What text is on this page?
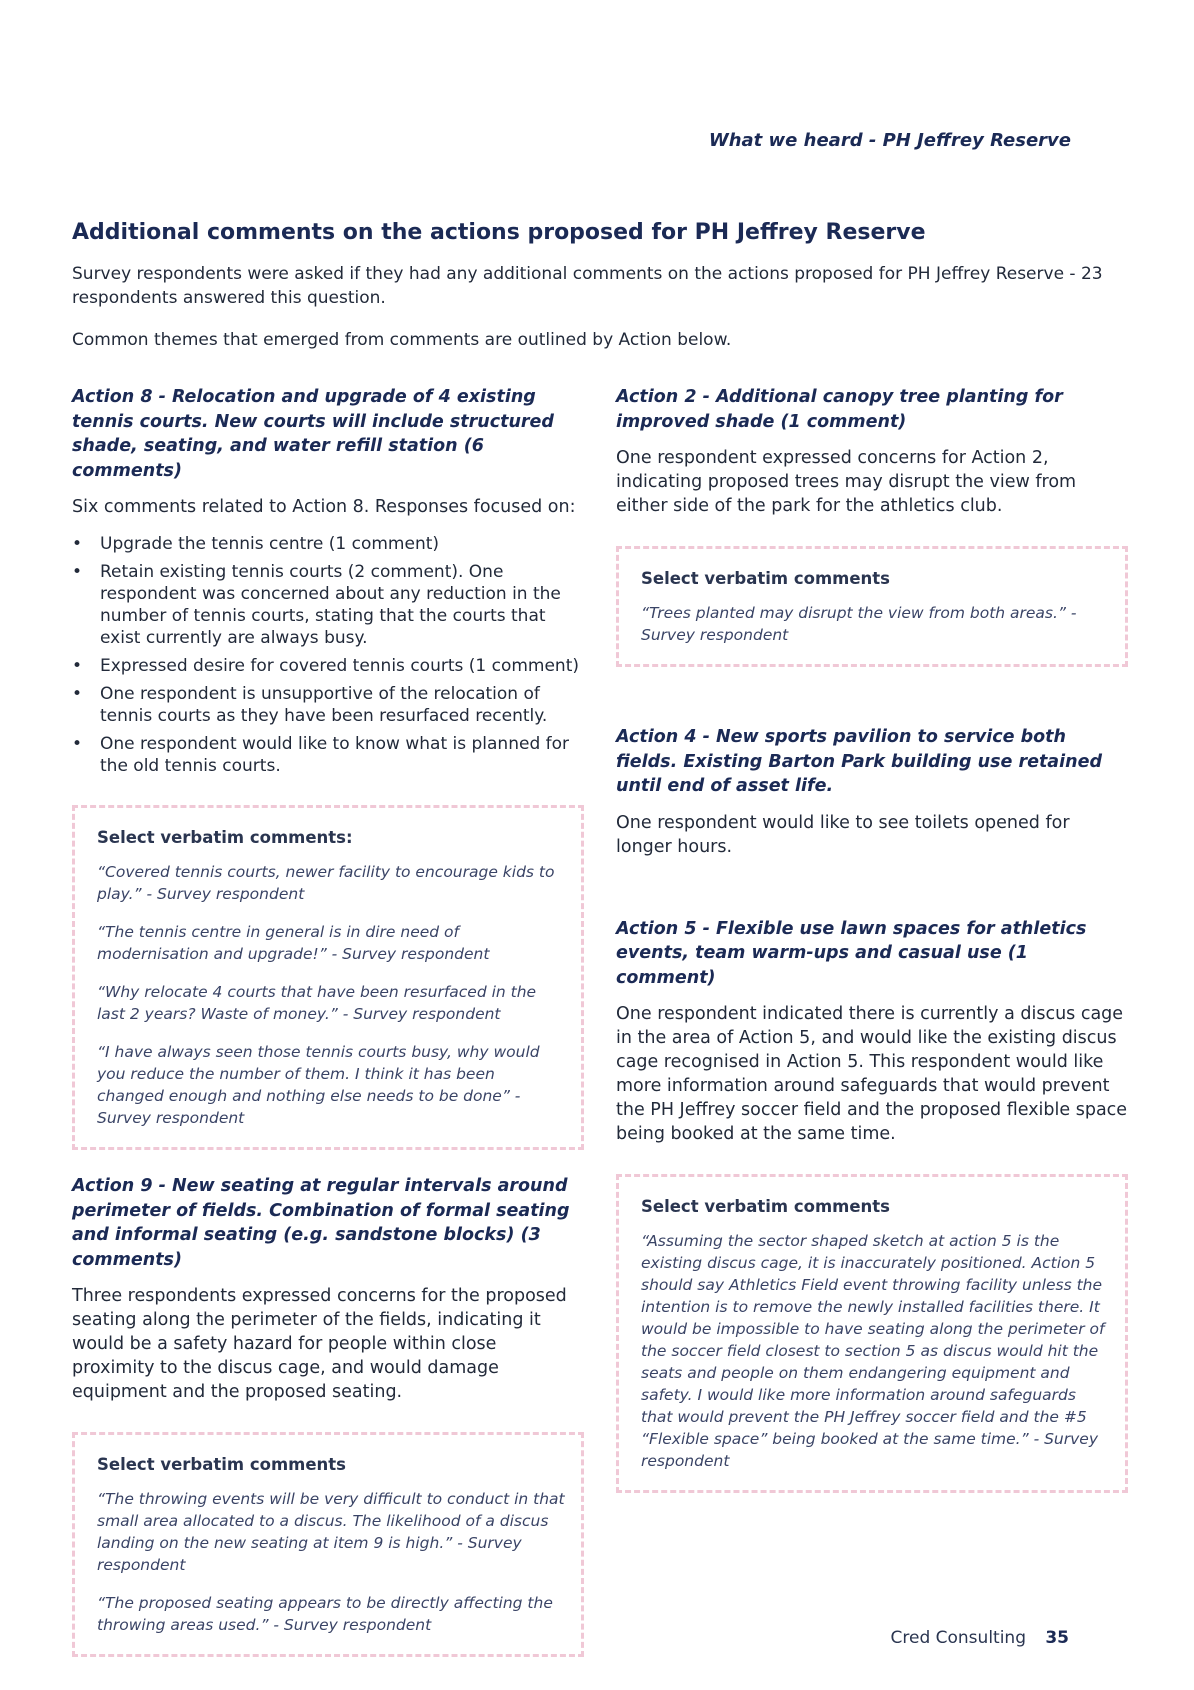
What we heard - PH Jeffrey Reserve
Additional comments on the actions proposed for PH Jeffrey Reserve

Survey respondents were asked if they had any additional comments on the actions proposed for PH Jeffrey Reserve - 23 respondents answered this question.

Common themes that emerged from comments are outlined by Action below.

Action 8 - Relocation and upgrade of 4 existing tennis courts. New courts will include structured shade, seating, and water refill station (6 comments)

Six comments related to Action 8. Responses focused on:

• Upgrade the tennis centre (1 comment)
• Retain existing tennis courts (2 comment). One respondent was concerned about any reduction in the number of tennis courts, stating that the courts that exist currently are always busy.
• Expressed desire for covered tennis courts (1 comment)
• One respondent is unsupportive of the relocation of tennis courts as they have been resurfaced recently.
• One respondent would like to know what is planned for the old tennis courts.

Select verbatim comments:

“Covered tennis courts, newer facility to encourage kids to play.” - Survey respondent

“The tennis centre in general is in dire need of modernisation and upgrade!” - Survey respondent

“Why relocate 4 courts that have been resurfaced in the last 2 years? Waste of money.” - Survey respondent

“I have always seen those tennis courts busy, why would you reduce the number of them. I think it has been changed enough and nothing else needs to be done” - Survey respondent

Action 9 - New seating at regular intervals around perimeter of fields. Combination of formal seating and informal seating (e.g. sandstone blocks) (3 comments)

Three respondents expressed concerns for the proposed seating along the perimeter of the fields, indicating it would be a safety hazard for people within close proximity to the discus cage, and would damage equipment and the proposed seating.

Select verbatim comments

“The throwing events will be very difficult to conduct in that small area allocated to a discus. The likelihood of a discus landing on the new seating at item 9 is high.” - Survey respondent

“The proposed seating appears to be directly affecting the throwing areas used.” - Survey respondent

Action 2 - Additional canopy tree planting for improved shade (1 comment)

One respondent expressed concerns for Action 2, indicating proposed trees may disrupt the view from either side of the park for the athletics club.

Select verbatim comments

“Trees planted may disrupt the view from both areas.” - Survey respondent

Action 4 - New sports pavilion to service both fields. Existing Barton Park building use retained until end of asset life.

One respondent would like to see toilets opened for longer hours.

Action 5 - Flexible use lawn spaces for athletics events, team warm-ups and casual use (1 comment)

One respondent indicated there is currently a discus cage in the area of Action 5, and would like the existing discus cage recognised in Action 5. This respondent would like more information around safeguards that would prevent the PH Jeffrey soccer field and the proposed flexible space being booked at the same time.

Select verbatim comments

“Assuming the sector shaped sketch at action 5 is the existing discus cage, it is inaccurately positioned. Action 5 should say Athletics Field event throwing facility unless the intention is to remove the newly installed facilities there. It would be impossible to have seating along the perimeter of the soccer field closest to section 5 as discus would hit the seats and people on them endangering equipment and safety. I would like more information around safeguards that would prevent the PH Jeffrey soccer field and the #5 “Flexible space” being booked at the same time.” - Survey respondent

Cred Consulting 35
